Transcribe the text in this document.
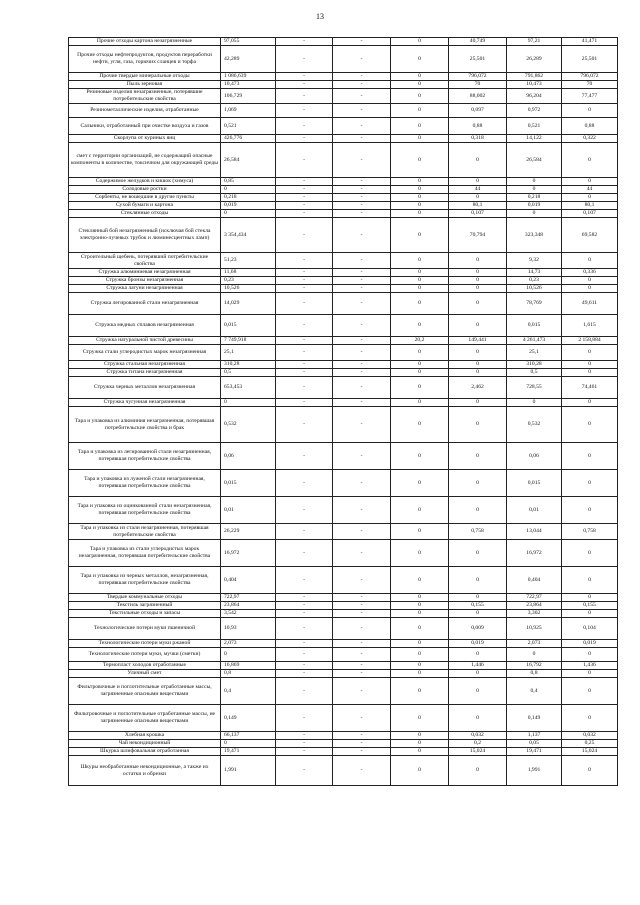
13
Прочие отходы картона незагрязненные	97,055	-	-	0	40,749	97,21	41,471
Прочие отходы нефтепродуктов, продуктов переработки нефти, угля, газа, горючих сланцев и торфа	42,289	-	-	0	25,501	26,289	25,501
Прочие твердые минеральные отходы	1 086,639	-	-	0	796,072	791,862	796,072
Пыль зерновая	10,473	-	-	0	70	10,473	70
Резиновые изделия незагрязненные, потерявшие потребительские свойства	106,729	-	-	0	88,002	96,204	77,477
Резинометаллические изделия, отработанные	1,069	-	-	0	0,097	0,972	0
Сальники, отработанный при очистке воздуха и газов	0,521	-	-	0	0,88	0,521	0,88
Скорлупа от куриных яиц	426,776	-	-	0	0,318	14,122	0,322
смет с территории организаций, не содержащий опасные компоненты в количестве, токсичном для окружающей среды	26,584	-	-	0	0	26,584	0
Содержимое желудков и кишок (химуса)	0,85	-	-	0	0	0	0
Солодовые ростки	0	-	-	0	44	0	44
Сорбенты, не вошедшие в другие пункты	0,218	-	-	0	0	0,218	0
Сухой бумаги и картона	0,019	-	-	0	80,1	0,019	80,1
Стеклянные отходы	0	-	-	0	0,107	0	0,107
Стеклянный бой незагрязненный (исключая бой стекла электронно-лучевых трубок и люминесцентных ламп)	3 354,434	-	-	0	70,794	323,348	69,582
Строительный щебень, потерявший потребительские свойства	51,23	-	-	0	0	9,32	0
Стружка алюминиевая незагрязненная	11,68	-	-	0	0	14,73	0,336
Стружка бронзы незагрязненная	0,23	-	-	0	0	0,23	0
Стружка латуни незагрязненная	10,526	-	-	0	0	10,526	0
Стружка легированной стали незагрязненная	14,029	-	-	0	0	78,769	49,611
Стружка медных сплавов незагрязненная	0,015	-	-	0	0	0,015	1,615
Стружка натуральной чистой древесины	7 749,918	-	-	20,2	149,441	4 261,473	2 158,884
Стружка стали углеродистых марок незагрязненная	25,1	-	-	0	0	25,1	0
Стружка стальная незагрязненная	310,28	-	-	0	0	310,28	0
Стружка титана незагрязненная	0,5	-	-	0	0	0,5	0
Стружка черных металлов незагрязненная	653,453	-	-	0	2,462	728,55	74,461
Стружка чугунная незагрязненная	0	-	-	0	0	0	0
Тара и упаковка из алюминия незагрязненная, потерявшая потребительские свойства и брак	0,532	-	-	0	0	0,532	0
Тара и упаковка из легированной стали незагрязненная, потерявшая потребительские свойства	0,06	-	-	0	0	0,06	0
Тара и упаковка из луженой стали незагрязненная, потерявшая потребительские свойства	0,015	-	-	0	0	0,015	0
Тара и упаковка из оцинкованной стали незагрязненная, потерявшая потребительские свойства	0,01	-	-	0	0	0,01	0
Тара и упаковка из стали незагрязненная, потерявшая потребительские свойства	26,229	-	-	0	0,758	13,044	0,758
Тара и упаковка из стали углеродистых марок незагрязненная, потерявшая потребительские свойства	16,972	-	-	0	0	16,972	0
Тара и упаковка из черных металлов, незагрязненная, потерявшая потребительские свойства	0,404	-	-	0	0	0,404	0
Твердые коммунальные отходы	722,97	-	-	0	0	722,97	0
Текстиль загрязненный	23,864	-	-	0	0,155	23,864	0,155
Текстильные отходы и запасы	3,542	-	-	0	0	3,302	0
Технологические потери муки пшеничной	10,93	-	-	0	0,009	10,925	0,104
Технологические потери муки ржаной	2,073	-	-	0	0,019	2,073	0,019
Технологические потери муки, мучки (сметки)	0	-	-	0	0	0	0
Термопласт холодов отработанные	16,869	-	-	0	1,446	16,792	1,436
Уличный смет	0,8	-	-	0	0	0,8	0
Фильтровочные и поглотительные отработанные массы, загрязненные опасными веществами	0,4	-	-	0	0	0,4	0
Фильтровочные и поглотительные отработанные массы, не загрязненные опасными веществами	0,149	-	-	0	0	0,149	0
Хлебная крошка	66,137	-	-	0	0,032	1,137	0,032
Чай некондиционный	0	-	-	0	0,2	0,05	0,25
Шкурка шлифовальная отработанная	19,471	-	-	0	15,024	19,471	15,024
Шкуры необработанные некондиционные, а также их остатки и обрезки	1,991	-	-	0	0	1,991	0
